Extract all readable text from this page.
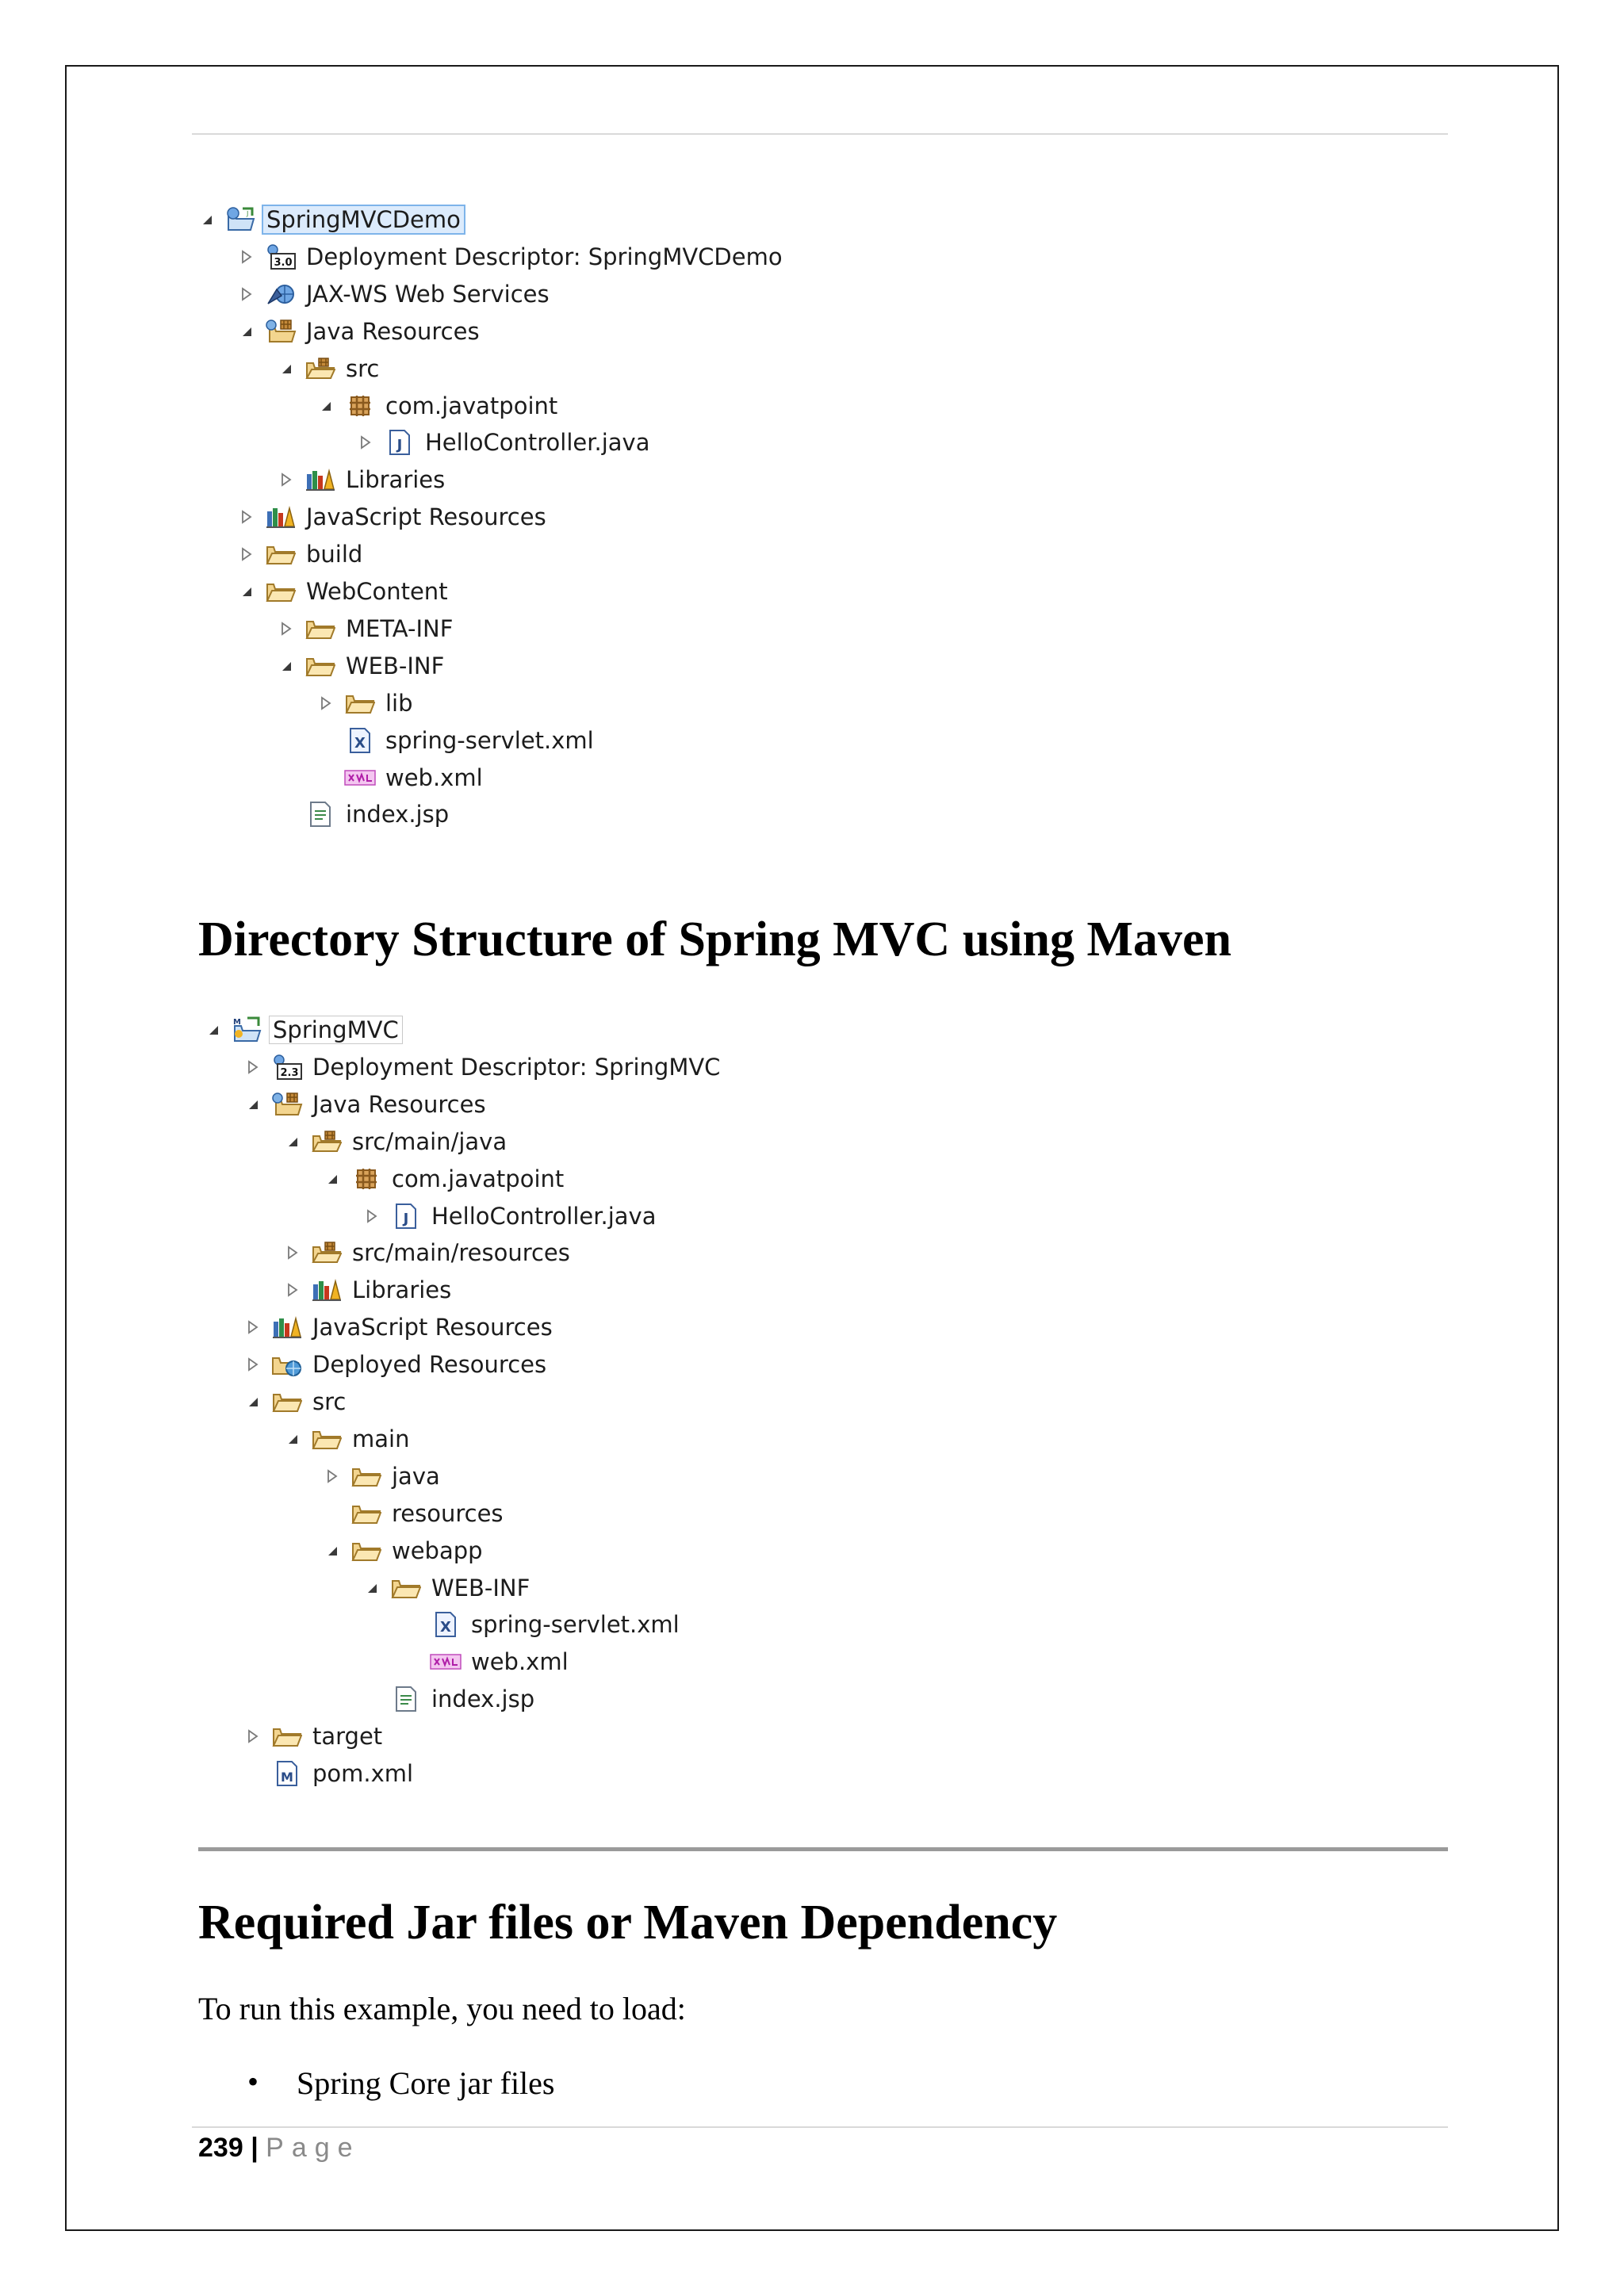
J SpringMVCDemo
3.0 Deployment Descriptor: SpringMVCDemo
JAX-WS Web Services
Java Resources
src
com.javatpoint
J HelloController.java
Libraries
JavaScript Resources
build
WebContent
META-INF
WEB-INF
lib
X spring-servlet.xml
web.xml
index.jsp
Directory Structure of Spring MVC using Maven
M SpringMVC
2.3 Deployment Descriptor: SpringMVC
Java Resources
src/main/java
com.javatpoint
J HelloController.java
src/main/resources
Libraries
JavaScript Resources
Deployed Resources
src
main
java
resources
webapp
WEB-INF
X spring-servlet.xml
web.xml
index.jsp
target
M pom.xml
Required Jar files or Maven Dependency

To run this example, you need to load:

• Spring Core jar files
239 | Page
